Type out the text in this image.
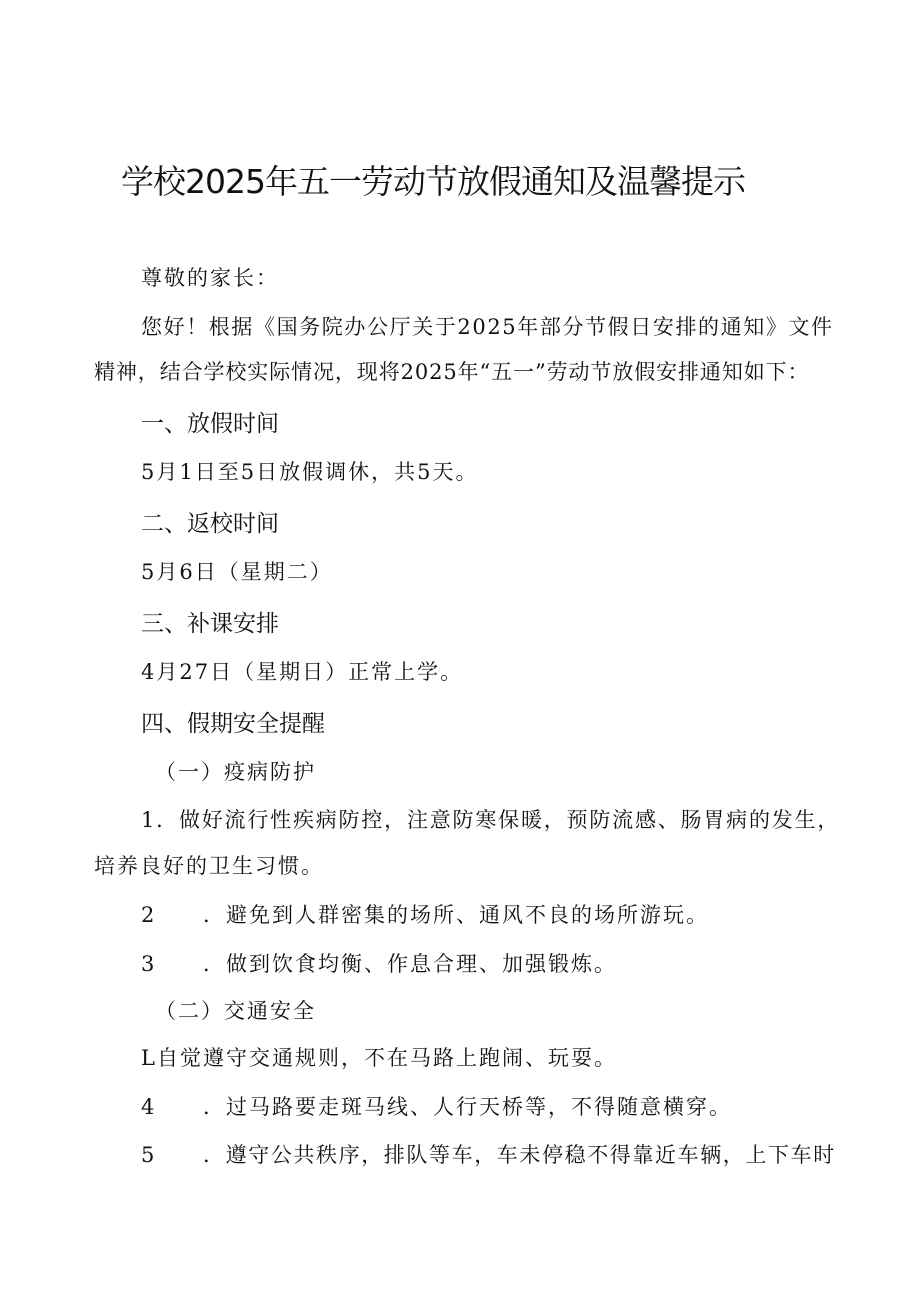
学校2025年五一劳动节放假通知及温馨提示
尊敬的家长：
您好！根据《国务院办公厅关于2025年部分节假日安排的通知》文件
精神，结合学校实际情况，现将2025年“五一”劳动节放假安排通知如下：
一、放假时间
5月1日至5日放假调休，共5天。
二、返校时间
5月6日（星期二）
三、补课安排
4月27日（星期日）正常上学。
四、假期安全提醒
（一）疫病防护
1．做好流行性疾病防控，注意防寒保暖，预防流感、肠胃病的发生，
培养良好的卫生习惯。
2 ．避免到人群密集的场所、通风不良的场所游玩。
3 ．做到饮食均衡、作息合理、加强锻炼。
（二）交通安全
L自觉遵守交通规则，不在马路上跑闹、玩耍。
4 ．过马路要走斑马线、人行天桥等，不得随意横穿。
5 ．遵守公共秩序，排队等车，车未停稳不得靠近车辆，上下车时
